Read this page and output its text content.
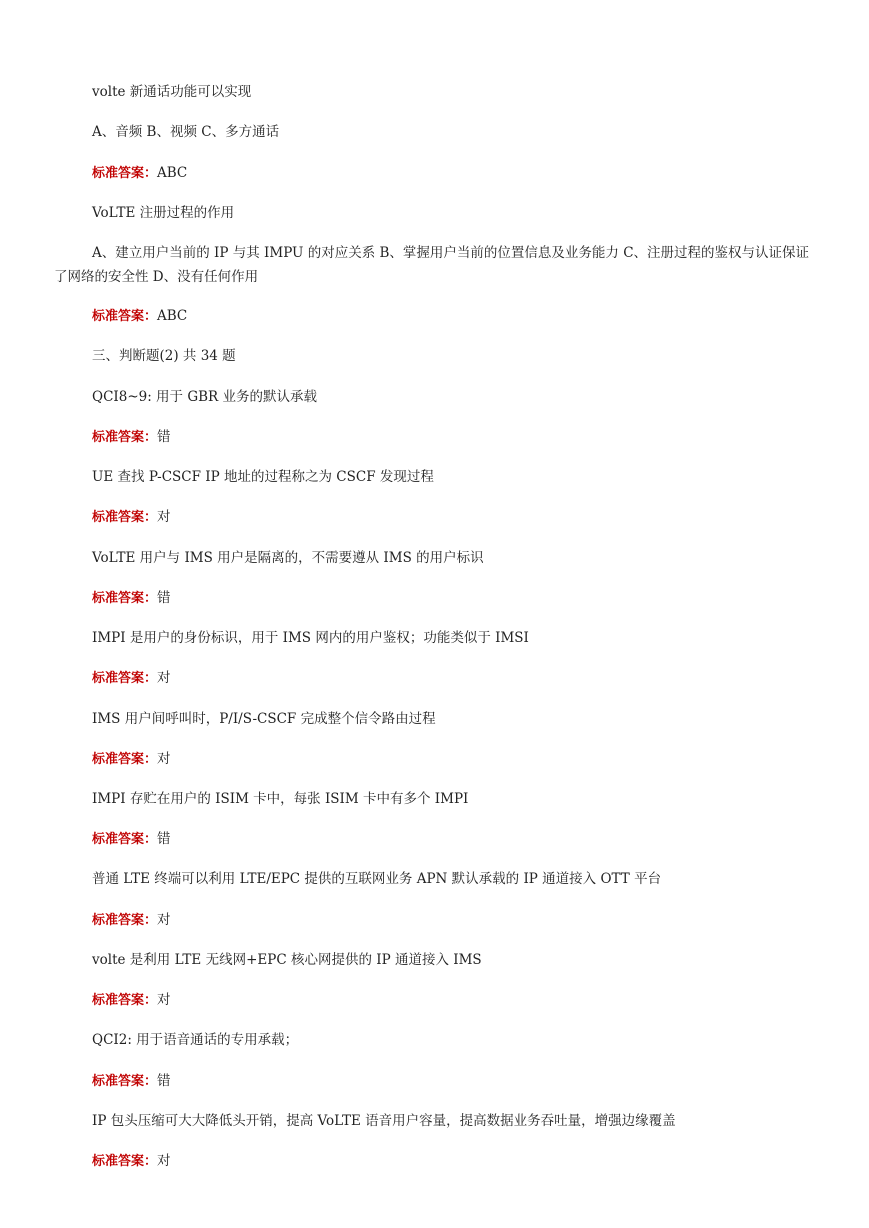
volte 新通话功能可以实现
A、音频 B、视频 C、多方通话
标准答案：ABC
VoLTE 注册过程的作用
A、建立用户当前的 IP 与其 IMPU 的对应关系 B、掌握用户当前的位置信息及业务能力 C、注册过程的鉴权与认证保证了网络的安全性 D、没有任何作用
标准答案：ABC
三、判断题(2) 共 34 题
QCI8~9: 用于 GBR 业务的默认承载
标准答案：错
UE 查找 P-CSCF IP 地址的过程称之为 CSCF 发现过程
标准答案：对
VoLTE 用户与 IMS 用户是隔离的，不需要遵从 IMS 的用户标识
标准答案：错
IMPI 是用户的身份标识，用于 IMS 网内的用户鉴权；功能类似于 IMSI
标准答案：对
IMS 用户间呼叫时，P/I/S-CSCF 完成整个信令路由过程
标准答案：对
IMPI 存贮在用户的 ISIM 卡中，每张 ISIM 卡中有多个 IMPI
标准答案：错
普通 LTE 终端可以利用 LTE/EPC 提供的互联网业务 APN 默认承载的 IP 通道接入 OTT 平台
标准答案：对
volte 是利用 LTE 无线网+EPC 核心网提供的 IP 通道接入 IMS
标准答案：对
QCI2: 用于语音通话的专用承载；
标准答案：错
IP 包头压缩可大大降低头开销，提高 VoLTE 语音用户容量，提高数据业务吞吐量，增强边缘覆盖
标准答案：对
